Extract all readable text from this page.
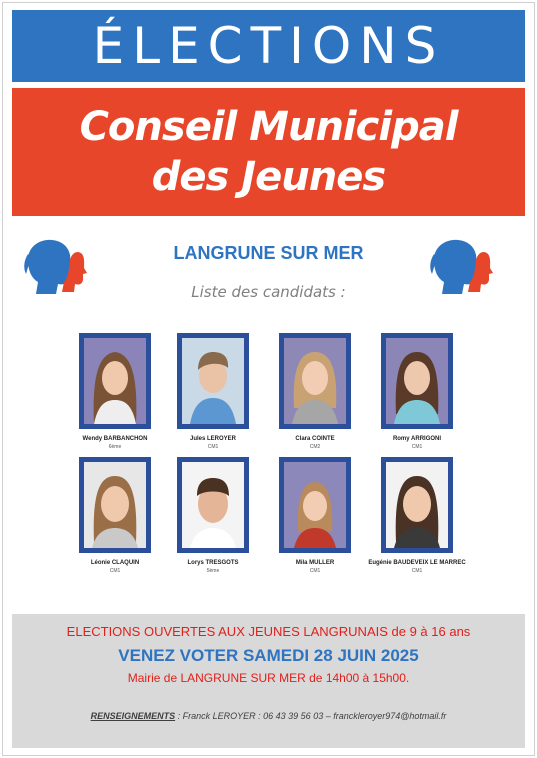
ÉLECTIONS
Conseil Municipal
des Jeunes
LANGRUNE SUR MER
Liste des candidats :
Wendy BARBANCHON
6ème
Jules LEROYER
CM1
Clara COINTE
CM2
Romy ARRIGONI
CM1
Léonie CLAQUIN
CM1
Lorys TRESGOTS
5ème
Mila MULLER
CM1
Eugénie BAUDEVEIX LE MARREC
CM1
ELECTIONS OUVERTES AUX JEUNES LANGRUNAIS de 9 à 16 ans
VENEZ VOTER SAMEDI 28 JUIN 2025
Mairie de LANGRUNE SUR MER de 14h00 à 15h00.
RENSEIGNEMENTS : Franck LEROYER : 06 43 39 56 03 – franckleroyer974@hotmail.fr
